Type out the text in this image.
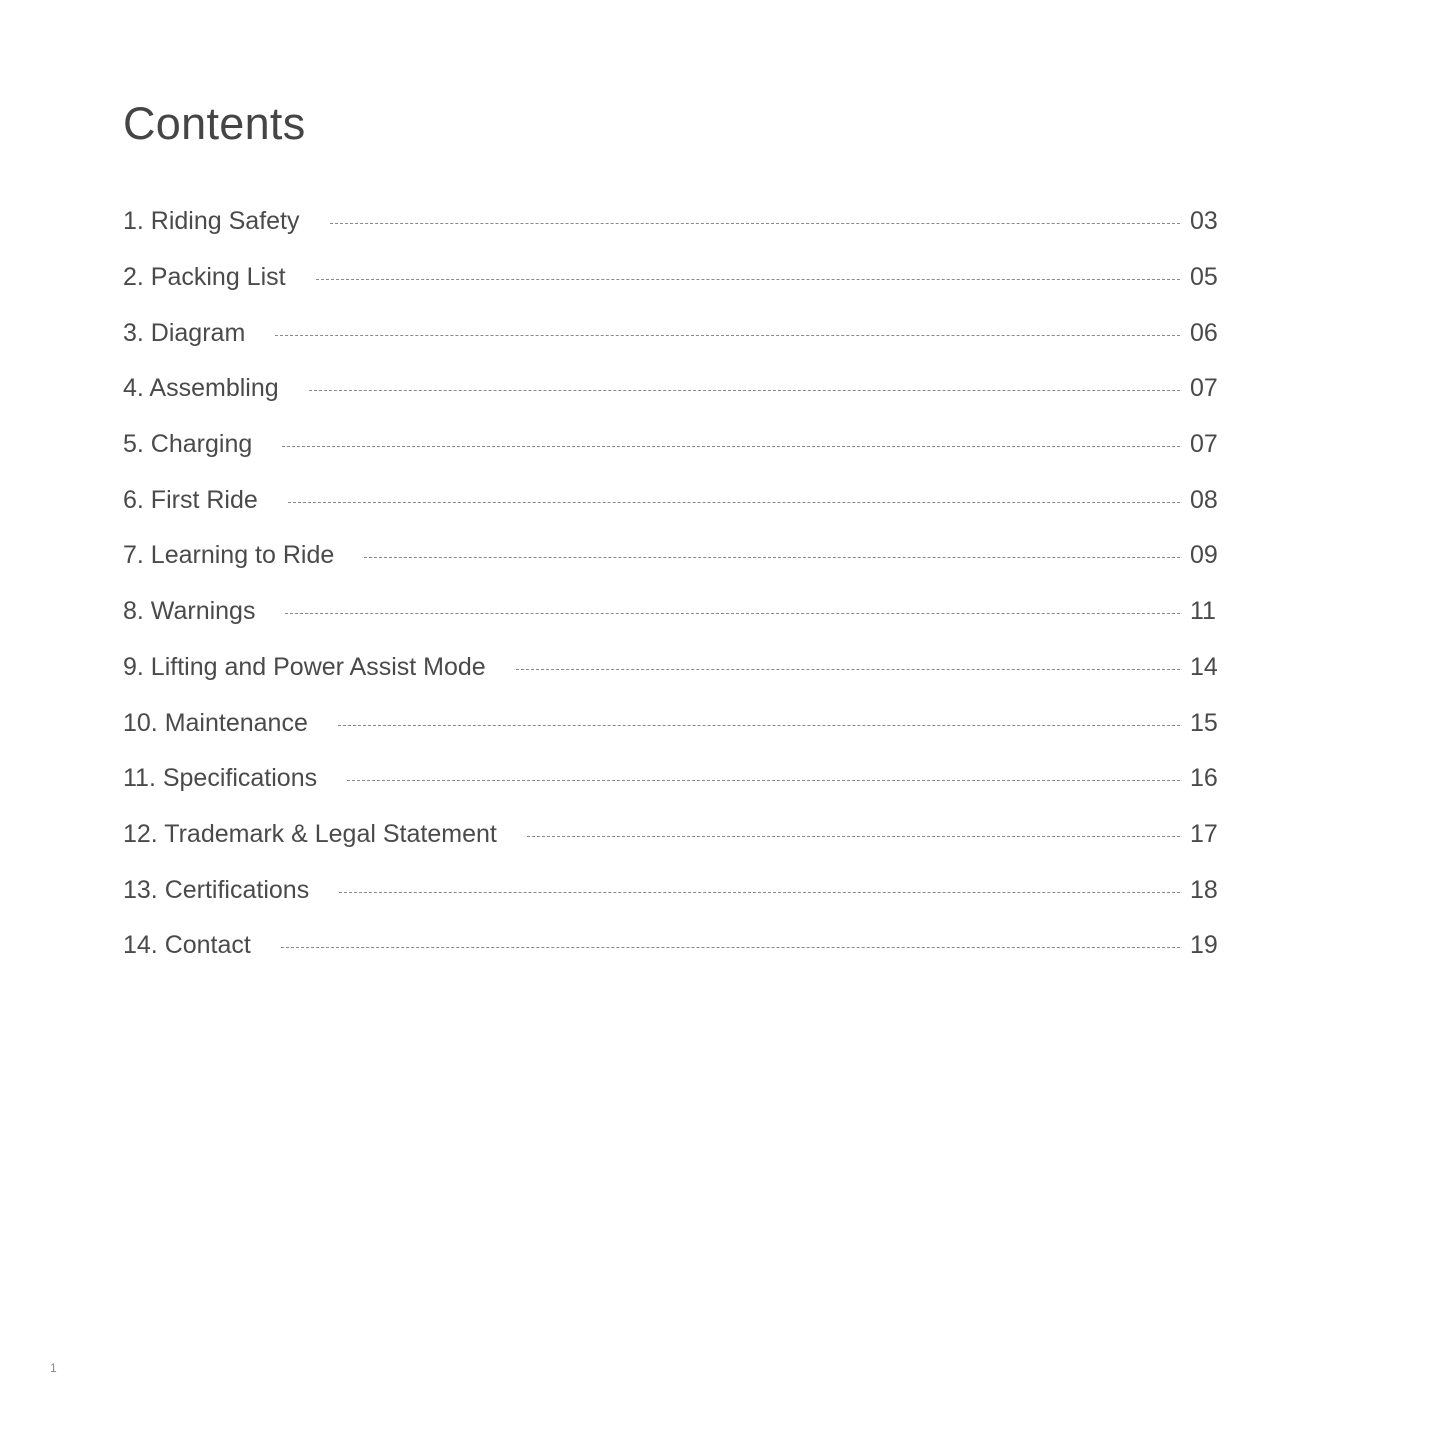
Contents
1. Riding Safety	03
2. Packing List	05
3. Diagram	06
4. Assembling	07
5. Charging	07
6. First Ride	08
7. Learning to Ride	09
8. Warnings	11
9. Lifting and Power Assist Mode	14
10. Maintenance	15
11. Specifications	16
12. Trademark & Legal Statement	17
13. Certifications	18
14. Contact	19
1
